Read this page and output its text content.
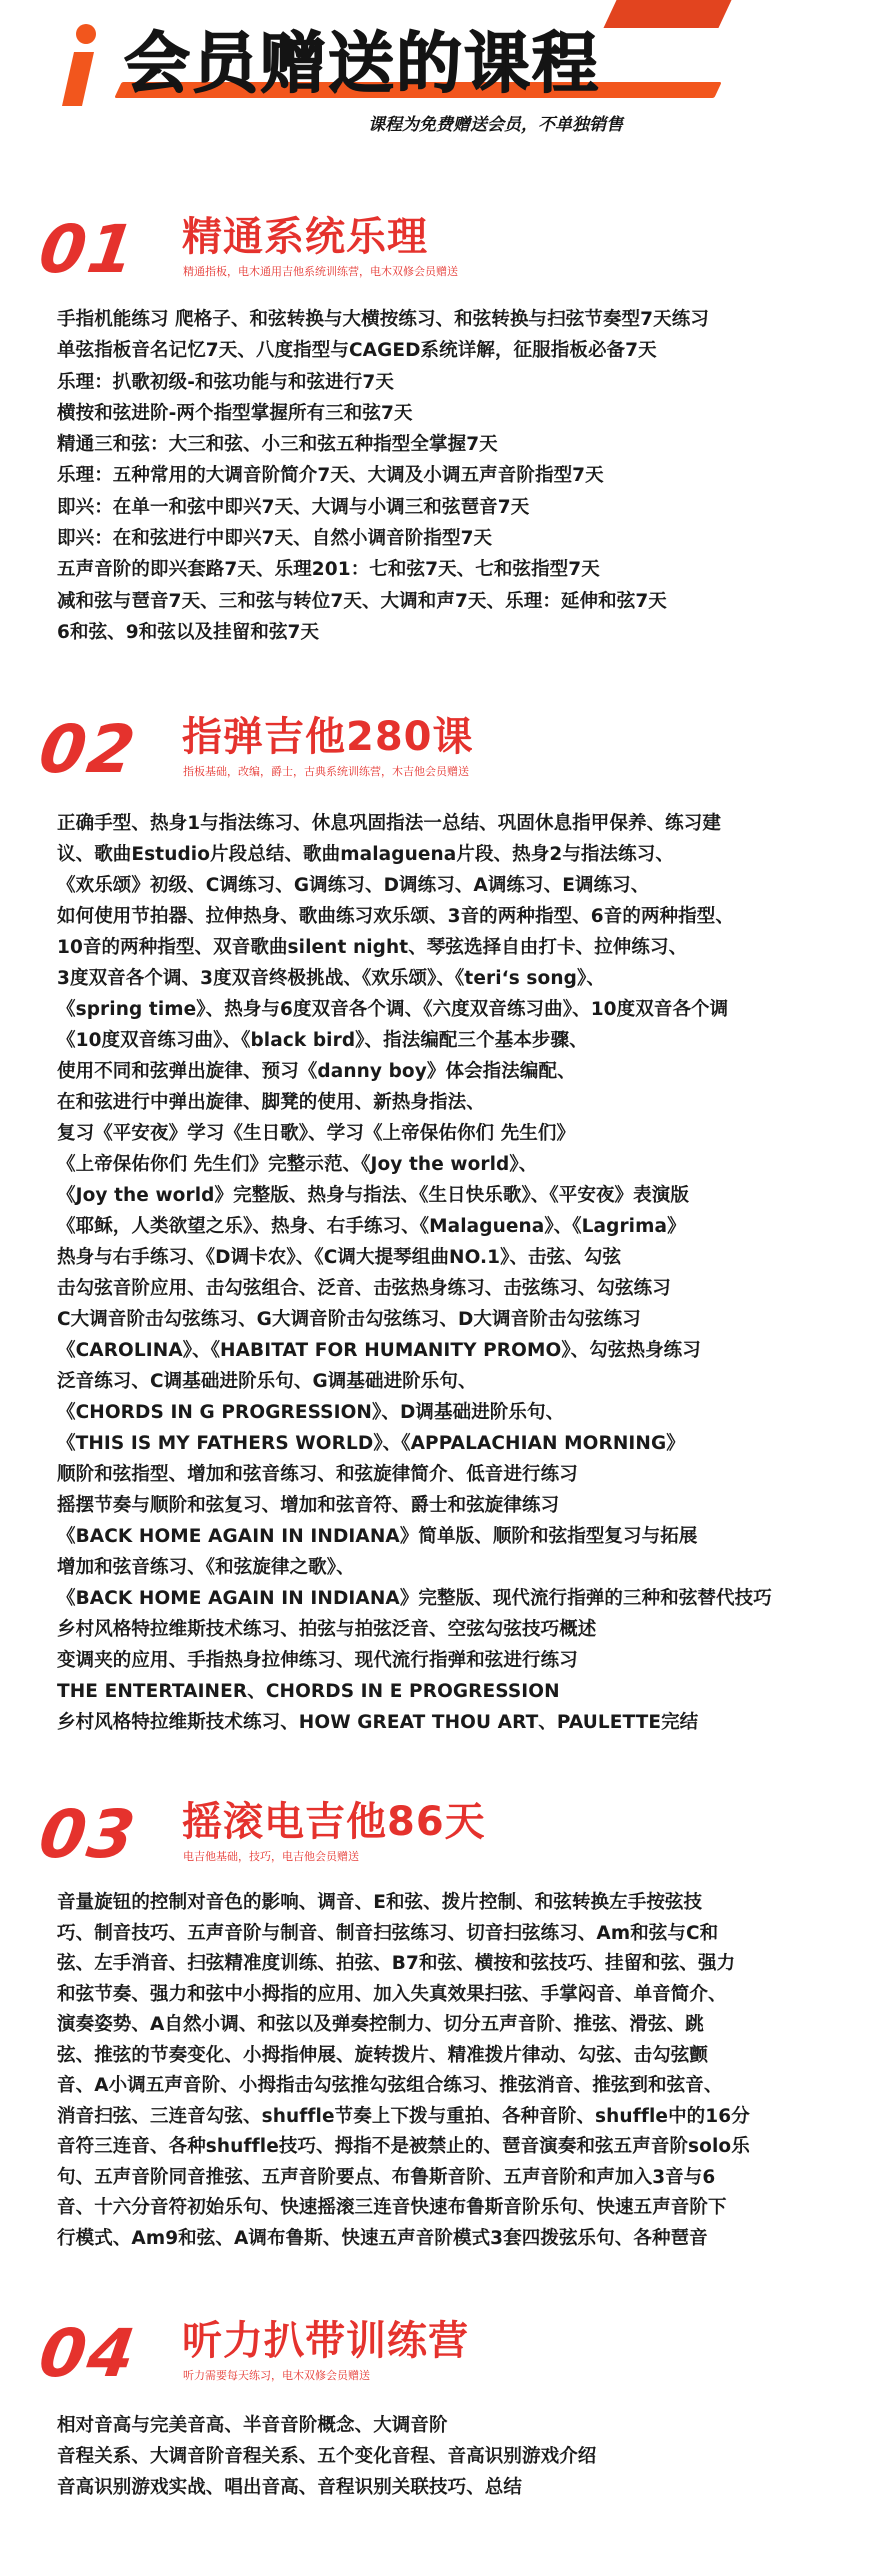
会员赠送的课程
课程为免费赠送会员，不单独销售
01 精通系统乐理
精通指板，电木通用吉他系统训练营，电木双修会员赠送
手指机能练习 爬格子、和弦转换与大横按练习、和弦转换与扫弦节奏型7天练习
单弦指板音名记忆7天、八度指型与CAGED系统详解，征服指板必备7天
乐理：扒歌初级-和弦功能与和弦进行7天
横按和弦进阶-两个指型掌握所有三和弦7天
精通三和弦：大三和弦、小三和弦五种指型全掌握7天
乐理：五种常用的大调音阶简介7天、大调及小调五声音阶指型7天
即兴：在单一和弦中即兴7天、大调与小调三和弦琶音7天
即兴：在和弦进行中即兴7天、自然小调音阶指型7天
五声音阶的即兴套路7天、乐理201：七和弦7天、七和弦指型7天
减和弦与琶音7天、三和弦与转位7天、大调和声7天、乐理：延伸和弦7天
6和弦、9和弦以及挂留和弦7天
02 指弹吉他280课
指板基础，改编，爵士，古典系统训练营，木吉他会员赠送
正确手型、热身1与指法练习、休息巩固指法一总结、巩固休息指甲保养、练习建
议、歌曲Estudio片段总结、歌曲malaguena片段、热身2与指法练习、
《欢乐颂》初级、C调练习、G调练习、D调练习、A调练习、E调练习、
如何使用节拍器、拉伸热身、歌曲练习欢乐颂、3音的两种指型、6音的两种指型、
10音的两种指型、双音歌曲silent night、琴弦选择自由打卡、拉伸练习、
3度双音各个调、3度双音终极挑战、《欢乐颂》、《teri‘s song》、
《spring time》、热身与6度双音各个调、《六度双音练习曲》、10度双音各个调
《10度双音练习曲》、《black bird》、指法编配三个基本步骤、
使用不同和弦弹出旋律、预习《danny boy》体会指法编配、
在和弦进行中弹出旋律、脚凳的使用、新热身指法、
复习《平安夜》学习《生日歌》、学习《上帝保佑你们 先生们》
《上帝保佑你们 先生们》完整示范、《Joy the world》、
《Joy the world》完整版、热身与指法、《生日快乐歌》、《平安夜》表演版
《耶稣，人类欲望之乐》、热身、右手练习、《Malaguena》、《Lagrima》
热身与右手练习、《D调卡农》、《C调大提琴组曲NO.1》、击弦、勾弦
击勾弦音阶应用、击勾弦组合、泛音、击弦热身练习、击弦练习、勾弦练习
C大调音阶击勾弦练习、G大调音阶击勾弦练习、D大调音阶击勾弦练习
《CAROLINA》、《HABITAT FOR HUMANITY PROMO》、勾弦热身练习
泛音练习、C调基础进阶乐句、G调基础进阶乐句、
《CHORDS IN G PROGRESSION》、D调基础进阶乐句、
《THIS IS MY FATHERS WORLD》、《APPALACHIAN MORNING》
顺阶和弦指型、增加和弦音练习、和弦旋律简介、低音进行练习
摇摆节奏与顺阶和弦复习、增加和弦音符、爵士和弦旋律练习
《BACK HOME AGAIN IN INDIANA》简单版、顺阶和弦指型复习与拓展
增加和弦音练习、《和弦旋律之歌》、
《BACK HOME AGAIN IN INDIANA》完整版、现代流行指弹的三种和弦替代技巧
乡村风格特拉维斯技术练习、拍弦与拍弦泛音、空弦勾弦技巧概述
变调夹的应用、手指热身拉伸练习、现代流行指弹和弦进行练习
THE ENTERTAINER、CHORDS IN E PROGRESSION
乡村风格特拉维斯技术练习、HOW GREAT THOU ART、PAULETTE完结
03 摇滚电吉他86天
电吉他基础，技巧，电吉他会员赠送
音量旋钮的控制对音色的影响、调音、E和弦、拨片控制、和弦转换左手按弦技
巧、制音技巧、五声音阶与制音、制音扫弦练习、切音扫弦练习、Am和弦与C和
弦、左手消音、扫弦精准度训练、拍弦、B7和弦、横按和弦技巧、挂留和弦、强力
和弦节奏、强力和弦中小拇指的应用、加入失真效果扫弦、手掌闷音、单音简介、
演奏姿势、A自然小调、和弦以及弹奏控制力、切分五声音阶、推弦、滑弦、跳
弦、推弦的节奏变化、小拇指伸展、旋转拨片、精准拨片律动、勾弦、击勾弦颤
音、A小调五声音阶、小拇指击勾弦推勾弦组合练习、推弦消音、推弦到和弦音、
消音扫弦、三连音勾弦、shuffle节奏上下拨与重拍、各种音阶、shuffle中的16分
音符三连音、各种shuffle技巧、拇指不是被禁止的、琶音演奏和弦五声音阶solo乐
句、五声音阶同音推弦、五声音阶要点、布鲁斯音阶、五声音阶和声加入3音与6
音、十六分音符初始乐句、快速摇滚三连音快速布鲁斯音阶乐句、快速五声音阶下
行模式、Am9和弦、A调布鲁斯、快速五声音阶模式3套四拨弦乐句、各种琶音
04 听力扒带训练营
听力需要每天练习，电木双修会员赠送
相对音高与完美音高、半音音阶概念、大调音阶
音程关系、大调音阶音程关系、五个变化音程、音高识别游戏介绍
音高识别游戏实战、唱出音高、音程识别关联技巧、总结
